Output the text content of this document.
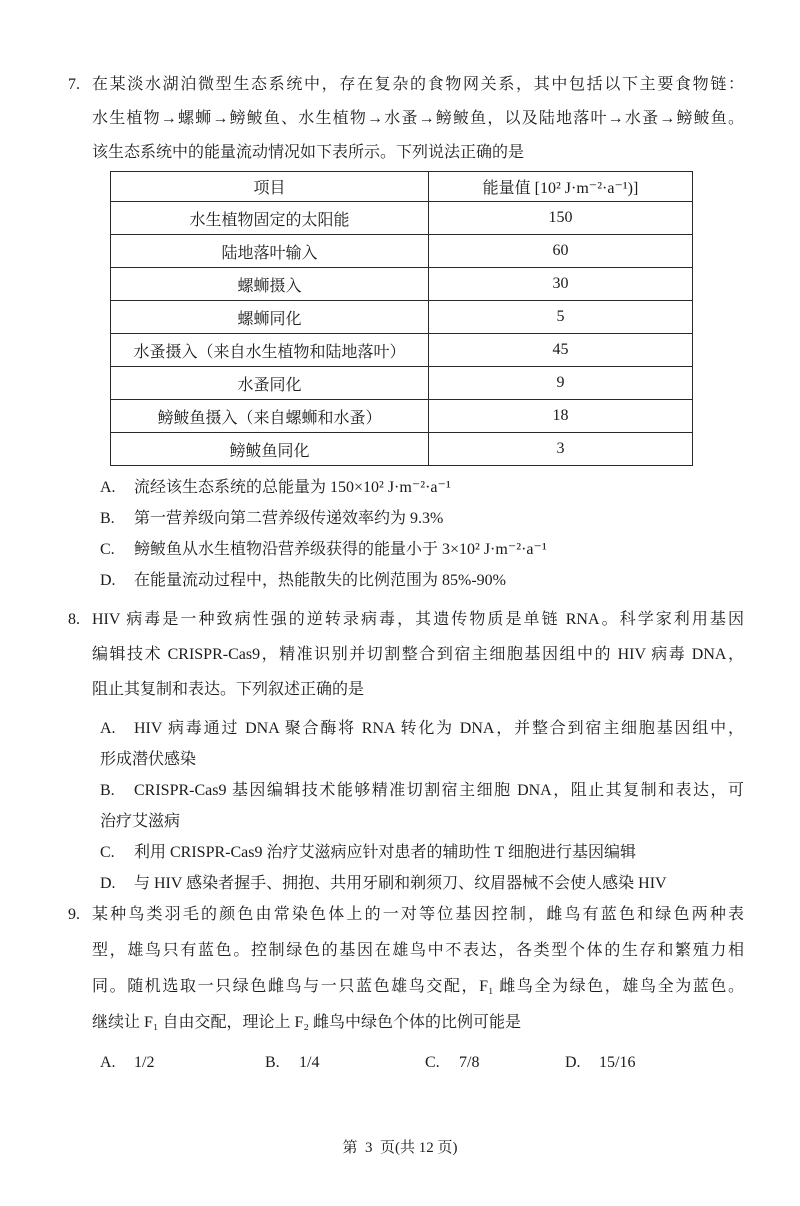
7. 在某淡水湖泊微型生态系统中，存在复杂的食物网关系，其中包括以下主要食物链：
水生植物→螺蛳→鳑鲏鱼、水生植物→水蚤→鳑鲏鱼，以及陆地落叶→水蚤→鳑鲏鱼。
该生态系统中的能量流动情况如下表所示。下列说法正确的是
项目	能量值 [10² J·m⁻²·a⁻¹)]
水生植物固定的太阳能	150
陆地落叶输入	60
螺蛳摄入	30
螺蛳同化	5
水蚤摄入（来自水生植物和陆地落叶）	45
水蚤同化	9
鳑鲏鱼摄入（来自螺蛳和水蚤）	18
鳑鲏鱼同化	3
A.	流经该生态系统的总能量为 150×10² J·m⁻²·a⁻¹
B.	第一营养级向第二营养级传递效率约为 9.3%
C.	鳑鲏鱼从水生植物沿营养级获得的能量小于 3×10² J·m⁻²·a⁻¹
D.	在能量流动过程中，热能散失的比例范围为 85%-90%
8. HIV 病毒是一种致病性强的逆转录病毒，其遗传物质是单链 RNA。科学家利用基因
编辑技术 CRISPR-Cas9，精准识别并切割整合到宿主细胞基因组中的 HIV 病毒 DNA，
阻止其复制和表达。下列叙述正确的是
A.	HIV 病毒通过 DNA 聚合酶将 RNA 转化为 DNA，并整合到宿主细胞基因组中，
形成潜伏感染
B.	CRISPR-Cas9 基因编辑技术能够精准切割宿主细胞 DNA，阻止其复制和表达，可
治疗艾滋病
C.	利用 CRISPR-Cas9 治疗艾滋病应针对患者的辅助性 T 细胞进行基因编辑
D.	与 HIV 感染者握手、拥抱、共用牙刷和剃须刀、纹眉器械不会使人感染 HIV
9. 某种鸟类羽毛的颜色由常染色体上的一对等位基因控制，雌鸟有蓝色和绿色两种表
型，雄鸟只有蓝色。控制绿色的基因在雄鸟中不表达，各类型个体的生存和繁殖力相
同。随机选取一只绿色雌鸟与一只蓝色雄鸟交配，F₁ 雌鸟全为绿色，雄鸟全为蓝色。
继续让 F₁ 自由交配，理论上 F₂ 雌鸟中绿色个体的比例可能是
A.	1/2	B.	1/4	C.	7/8	D.	15/16
第  3  页(共 12 页)
